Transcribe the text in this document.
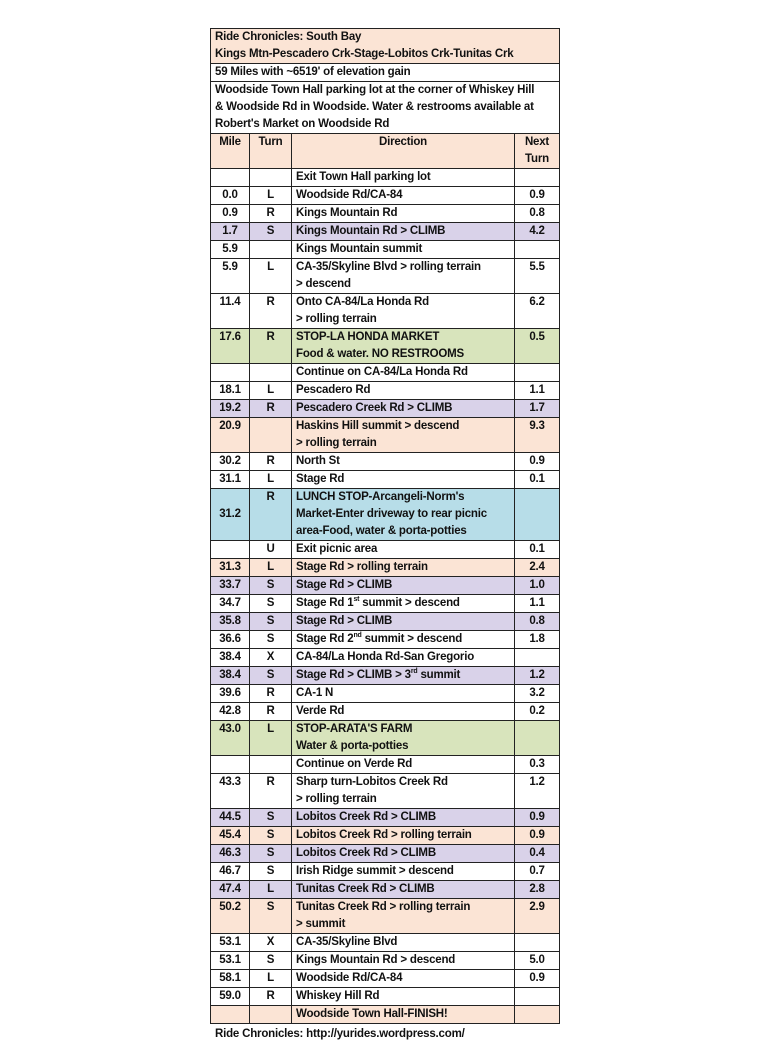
Ride Chronicles: South Bay
Kings Mtn-Pescadero Crk-Stage-Lobitos Crk-Tunitas Crk			

59 Miles with ~6519' of elevation gain			

Woodside Town Hall parking lot at the corner of Whiskey Hill
& Woodside Rd in Woodside. Water & restrooms available at
Robert's Market on Woodside Rd			

Mile	Turn	Direction	Next
Turn

		Exit Town Hall parking lot	

0.0	L	Woodside Rd/CA-84	0.9
0.9	R	Kings Mountain Rd	0.8
1.7	S	Kings Mountain Rd > CLIMB	4.2
5.9		Kings Mountain summit	

5.9	L	CA-35/Skyline Blvd > rolling terrain
> descend	5.5
11.4	R	Onto CA-84/La Honda Rd
> rolling terrain	6.2
17.6	R	STOP-LA HONDA MARKET
Food & water. NO RESTROOMS	0.5

		Continue on CA-84/La Honda Rd	

18.1	L	Pescadero Rd	1.1
19.2	R	Pescadero Creek Rd > CLIMB	1.7
20.9		Haskins Hill summit > descend
> rolling terrain	9.3
30.2	R	North St	0.9
31.1	L	Stage Rd	0.1
31.2	R	LUNCH STOP-Arcangeli-Norm's
Market-Enter driveway to rear picnic
area-Food, water & porta-potties	

	U	Exit picnic area	0.1
31.3	L	Stage Rd > rolling terrain	2.4
33.7	S	Stage Rd > CLIMB	1.0
34.7	S	Stage Rd 1st summit > descend	1.1
35.8	S	Stage Rd > CLIMB	0.8
36.6	S	Stage Rd 2nd summit > descend	1.8
38.4	X	CA-84/La Honda Rd-San Gregorio	

38.4	S	Stage Rd > CLIMB > 3rd summit	1.2
39.6	R	CA-1 N	3.2
42.8	R	Verde Rd	0.2
43.0	L	STOP-ARATA'S FARM
Water & porta-potties	

		Continue on Verde Rd	0.3
43.3	R	Sharp turn-Lobitos Creek Rd
> rolling terrain	1.2
44.5	S	Lobitos Creek Rd > CLIMB	0.9
45.4	S	Lobitos Creek Rd > rolling terrain	0.9
46.3	S	Lobitos Creek Rd > CLIMB	0.4
46.7	S	Irish Ridge summit > descend	0.7
47.4	L	Tunitas Creek Rd > CLIMB	2.8
50.2	S	Tunitas Creek Rd > rolling terrain
> summit	2.9
53.1	X	CA-35/Skyline Blvd	

53.1	S	Kings Mountain Rd > descend	5.0
58.1	L	Woodside Rd/CA-84	0.9
59.0	R	Whiskey Hill Rd	

		Woodside Town Hall-FINISH!	

Ride Chronicles: http://yurides.wordpress.com/
